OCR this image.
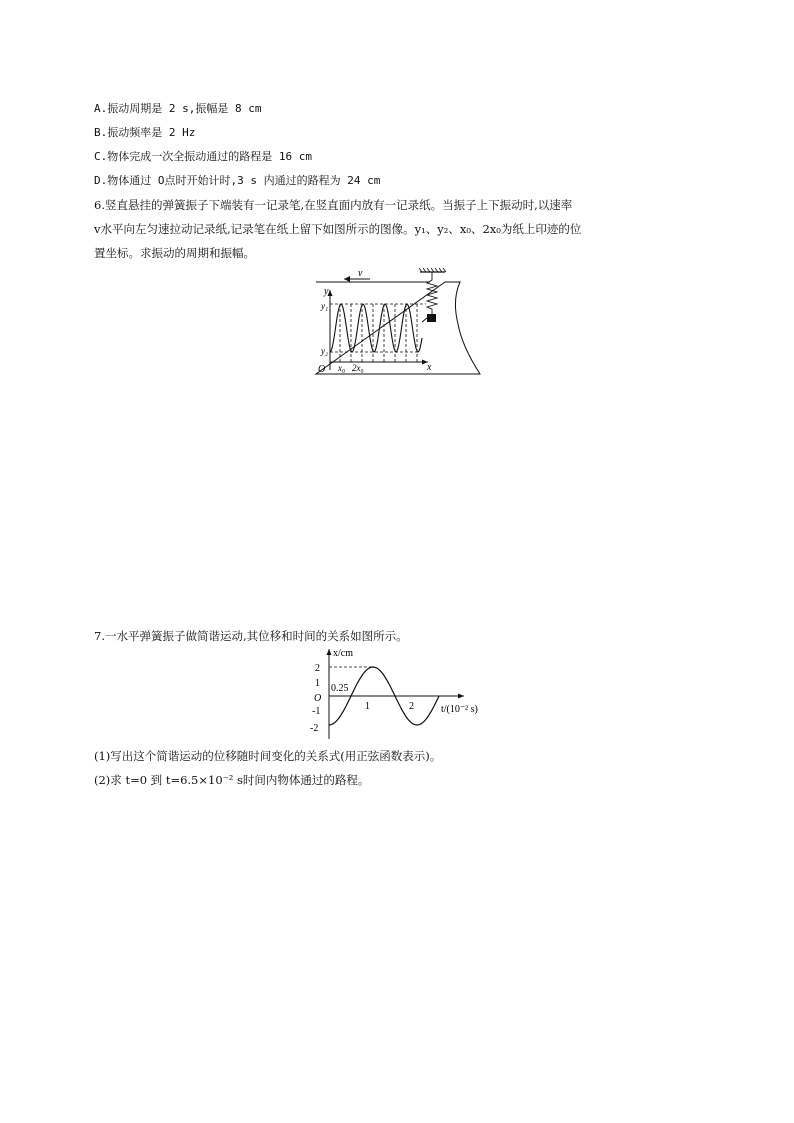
A.振动周期是 2 s,振幅是 8 cm
B.振动频率是 2 Hz
C.物体完成一次全振动通过的路程是 16 cm
D.物体通过 O点时开始计时,3 s 内通过的路程为 24 cm
6.竖直悬挂的弹簧振子下端装有一记录笔,在竖直面内放有一记录纸。当振子上下振动时,以速率
v水平向左匀速拉动记录纸,记录笔在纸上留下如图所示的图像。y₁、y₂、x₀、2x₀为纸上印迹的位
置坐标。求振动的周期和振幅。
v
y
x
y₁
y₂
O x₀ 2x₀
7.一水平弹簧振子做简谐运动,其位移和时间的关系如图所示。
x/cm
t/(10⁻² s)
O
2
1
-1
-2
1	2
0.25
(1)写出这个简谐运动的位移随时间变化的关系式(用正弦函数表示)。
(2)求 t=0 到 t=6.5×10⁻² s时间内物体通过的路程。
